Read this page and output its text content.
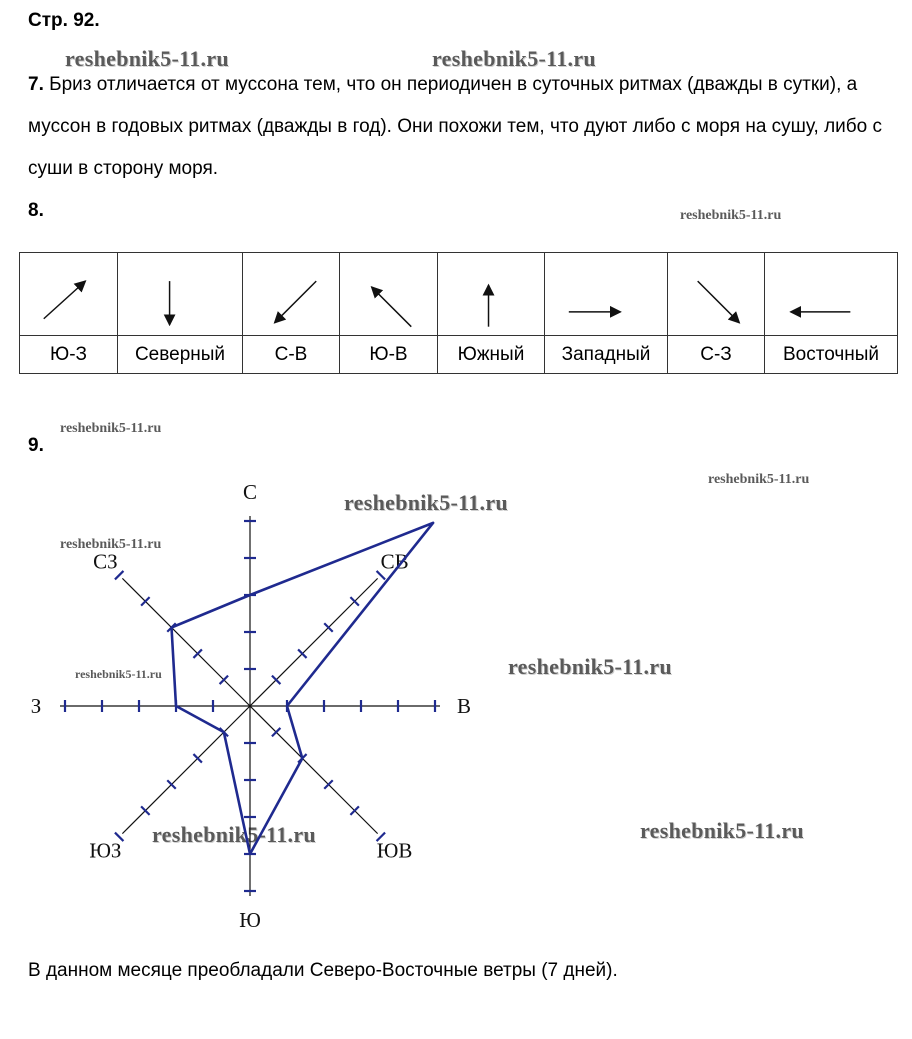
Стр. 92.
reshebnik5-11.ru	reshebnik5-11.ru
reshebnik5-11.ru
reshebnik5-11.ru
reshebnik5-11.ru
reshebnik5-11.ru
reshebnik5-11.ru
reshebnik5-11.ru
reshebnik5-11.ru
reshebnik5-11.ru
reshebnik5-11.ru
7. Бриз отличается от муссона тем, что он периодичен в суточных ритмах (дважды в сутки), а муссон в годовых ритмах (дважды в год). Они похожи тем, что дуют либо с моря на сушу, либо с суши в сторону моря.
8.

Ю-З	Северный	С-В	Ю-В	Южный	Западный	С-З	Восточный
9.
С
СВ
В
ЮВ
Ю
ЮЗ
З
СЗ
В данном месяце преобладали Северо-Восточные ветры (7 дней).
